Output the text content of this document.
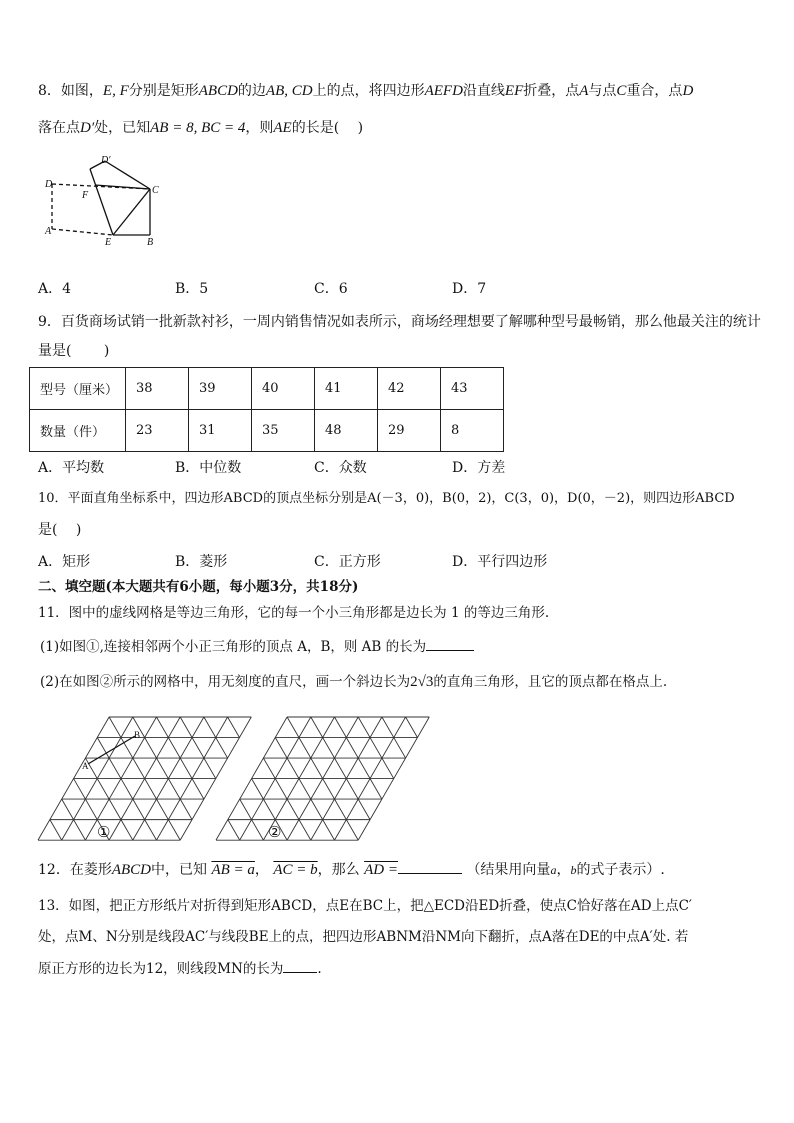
8．如图，E, F分别是矩形ABCD的边AB, CD上的点，将四边形AEFD沿直线EF折叠，点A与点C重合，点D
落在点D′处，已知AB = 8, BC = 4，则AE的长是(　 )
D′
D
F	C
A
E	B
A．4	B．5	C．6	D．7
9．百货商场试销一批新款衬衫，一周内销售情况如表所示，商场经理想要了解哪种型号最畅销，那么他最关注的统计
量是(　　 )
型号（厘米）	38	39	40	41	42	43
数量（件）	23	31	35	48	29	8
A．平均数	B．中位数	C．众数	D．方差
10．平面直角坐标系中，四边形ABCD的顶点坐标分别是A(－3，0)，B(0，2)，C(3，0)，D(0，－2)，则四边形ABCD
是(　 )
A．矩形	B．菱形	C．正方形	D．平行四边形
二、填空题(本大题共有6小题，每小题3分，共18分)
11．图中的虚线网格是等边三角形，它的每一个小三角形都是边长为 1 的等边三角形.
(1)如图①,连接相邻两个小正三角形的顶点 A，B，则 AB 的长为
(2)在如图②所示的网格中，用无刻度的直尺，画一个斜边长为2√3的直角三角形，且它的顶点都在格点上.
A
B
①	②
12．在菱形ABCD中，已知 AB = a， AC = b，那么 AD =	（结果用向量a，b的式子表示）.
13．如图，把正方形纸片对折得到矩形ABCD，点E在BC上，把△ECD沿ED折叠，使点C恰好落在AD上点C′
处，点M、N分别是线段AC′与线段BE上的点，把四边形ABNM沿NM向下翻折，点A落在DE的中点A′处. 若
原正方形的边长为12，则线段MN的长为	.
